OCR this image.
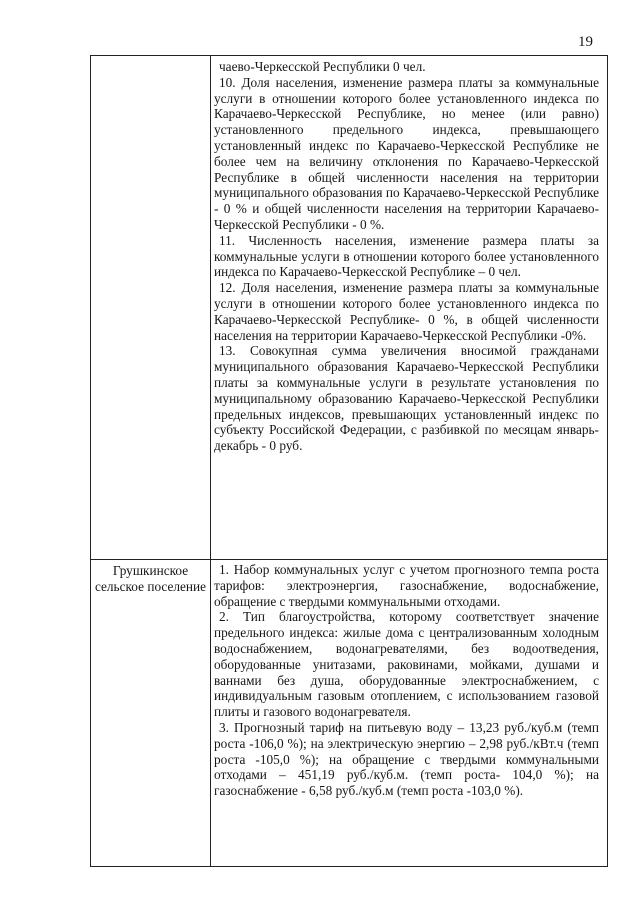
19

чаево-Черкесской Республики 0 чел.

10. Доля населения, изменение размера платы за коммунальные услуги в отношении которого более установленного индекса по Карачаево-Черкесской Республике, но менее (или равно) установленного предельного индекса, превышающего установленный индекс по Карачаево-Черкесской Республике не более чем на величину отклонения по Карачаево-Черкесской Республике в общей численности населения на территории муниципального образования по Карачаево-Черкесской Республике - 0 % и общей численности населения на территории Карачаево-Черкесской Республики - 0 %.

11. Численность населения, изменение размера платы за коммунальные услуги в отношении которого более установленного индекса по Карачаево-Черкесской Республике – 0 чел.

12. Доля населения, изменение размера платы за коммунальные услуги в отношении которого более установленного индекса по Карачаево-Черкесской Республике- 0 %, в общей численности населения на территории Карачаево-Черкесской Республики -0%.

13. Совокупная сумма увеличения вносимой гражданами муниципального образования Карачаево-Черкесской Республики платы за коммунальные услуги в результате установления по муниципальному образованию Карачаево-Черкесской Республики предельных индексов, превышающих установленный индекс по субъекту Российской Федерации, с разбивкой по месяцам январь-декабрь - 0 руб.

Грушкинское сельское поселение

1. Набор коммунальных услуг с учетом прогнозного темпа роста тарифов: электроэнергия, газоснабжение, водоснабжение, обращение с твердыми коммунальными отходами.

2. Тип благоустройства, которому соответствует значение предельного индекса: жилые дома с централизованным холодным водоснабжением, водонагревателями, без водоотведения, оборудованные унитазами, раковинами, мойками, душами и ваннами без душа, оборудованные электроснабжением, с индивидуальным газовым отоплением, с использованием газовой плиты и газового водонагревателя.

3. Прогнозный тариф на питьевую воду – 13,23 руб./куб.м (темп роста -106,0 %); на электрическую энергию – 2,98 руб./кВт.ч (темп роста -105,0 %); на обращение с твердыми коммунальными отходами – 451,19 руб./куб.м. (темп роста- 104,0 %); на газоснабжение - 6,58 руб./куб.м (темп роста -103,0 %).
